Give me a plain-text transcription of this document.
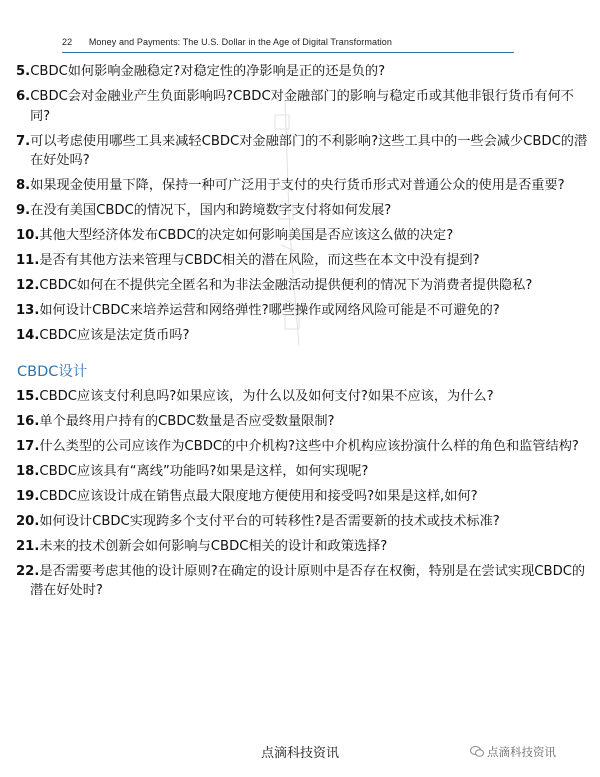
22 Money and Payments: The U.S. Dollar in the Age of Digital Transformation
5.CBDC如何影响金融稳定?对稳定性的净影响是正的还是负的?
6.CBDC会对金融业产生负面影响吗?CBDC对金融部门的影响与稳定币或其他非银行货币有何不同?
7.可以考虑使用哪些工具来减轻CBDC对金融部门的不利影响?这些工具中的一些会减少CBDC的潜在好处吗?
8.如果现金使用量下降，保持一种可广泛用于支付的央行货币形式对普通公众的使用是否重要?
9.在没有美国CBDC的情况下，国内和跨境数字支付将如何发展?
10.其他大型经济体发布CBDC的决定如何影响美国是否应该这么做的决定?
11.是否有其他方法来管理与CBDC相关的潜在风险，而这些在本文中没有提到?
12.CBDC如何在不提供完全匿名和为非法金融活动提供便利的情况下为消费者提供隐私?
13.如何设计CBDC来培养运营和网络弹性?哪些操作或网络风险可能是不可避免的?
14.CBDC应该是法定货币吗?
CBDC设计
15.CBDC应该支付利息吗?如果应该，为什么以及如何支付?如果不应该，为什么?
16.单个最终用户持有的CBDC数量是否应受数量限制?
17.什么类型的公司应该作为CBDC的中介机构?这些中介机构应该扮演什么样的角色和监管结构?
18.CBDC应该具有“离线”功能吗?如果是这样，如何实现呢?
19.CBDC应该设计成在销售点最大限度地方便使用和接受吗?如果是这样,如何?
20.如何设计CBDC实现跨多个支付平台的可转移性?是否需要新的技术或技术标准?
21.未来的技术创新会如何影响与CBDC相关的设计和政策选择?
22.是否需要考虑其他的设计原则?在确定的设计原则中是否存在权衡，特别是在尝试实现CBDC的潜在好处时?
点滴科技资讯	点滴科技资讯
